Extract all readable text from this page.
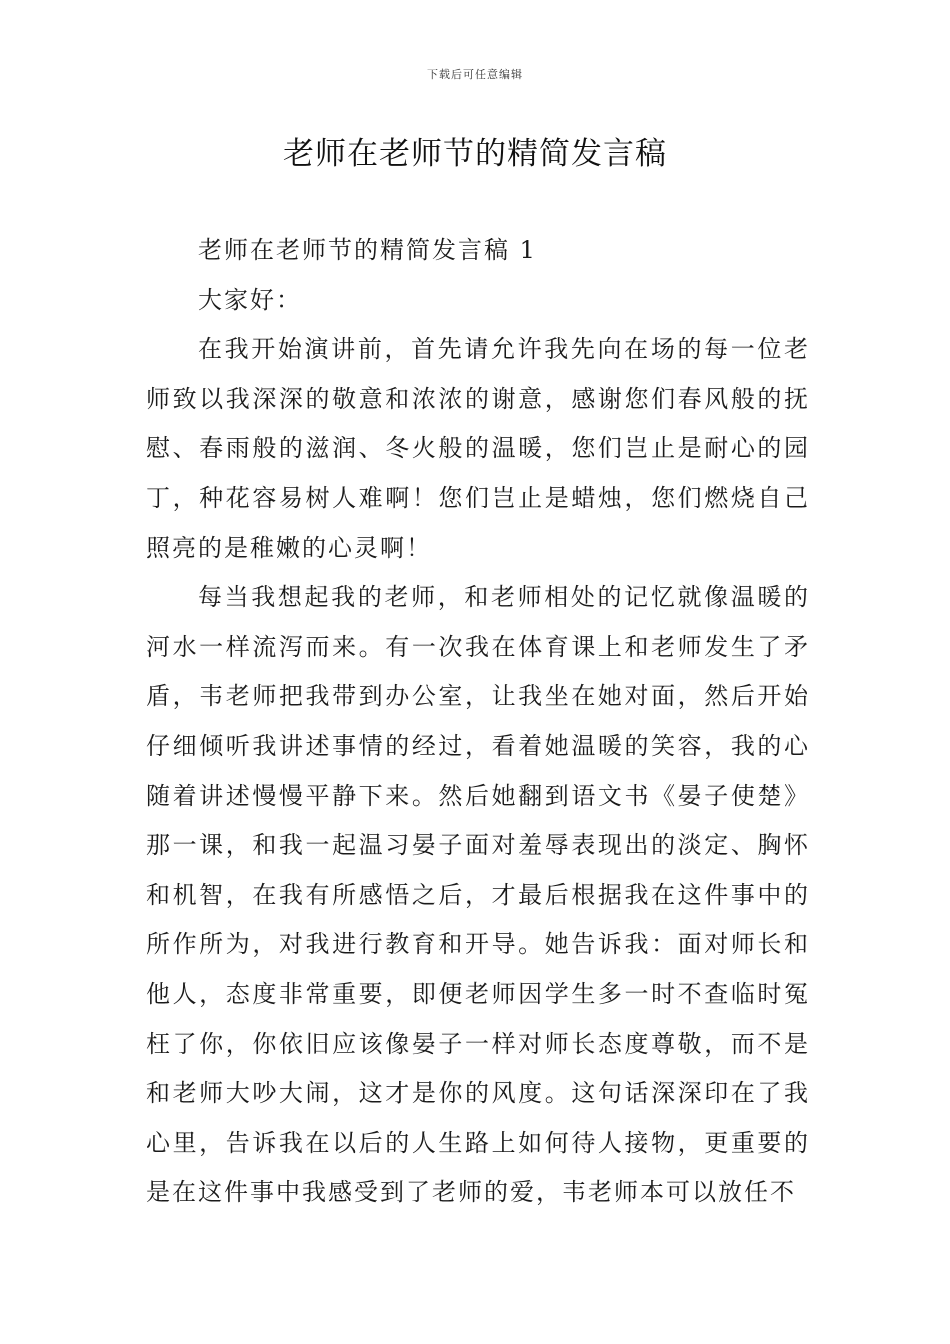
下载后可任意编辑
老师在老师节的精简发言稿

老师在老师节的精简发言稿 1

大家好：

在我开始演讲前，首先请允许我先向在场的每一位老师致以我深深的敬意和浓浓的谢意，感谢您们春风般的抚慰、春雨般的滋润、冬火般的温暖，您们岂止是耐心的园丁，种花容易树人难啊！您们岂止是蜡烛，您们燃烧自己照亮的是稚嫩的心灵啊！

每当我想起我的老师，和老师相处的记忆就像温暖的河水一样流泻而来。有一次我在体育课上和老师发生了矛盾，韦老师把我带到办公室，让我坐在她对面，然后开始仔细倾听我讲述事情的经过，看着她温暖的笑容，我的心随着讲述慢慢平静下来。然后她翻到语文书《晏子使楚》那一课，和我一起温习晏子面对羞辱表现出的淡定、胸怀和机智，在我有所感悟之后，才最后根据我在这件事中的所作所为，对我进行教育和开导。她告诉我：面对师长和他人，态度非常重要，即便老师因学生多一时不查临时冤枉了你，你依旧应该像晏子一样对师长态度尊敬，而不是和老师大吵大闹，这才是你的风度。这句话深深印在了我心里，告诉我在以后的人生路上如何待人接物，更重要的是在这件事中我感受到了老师的爱，韦老师本可以放任不
